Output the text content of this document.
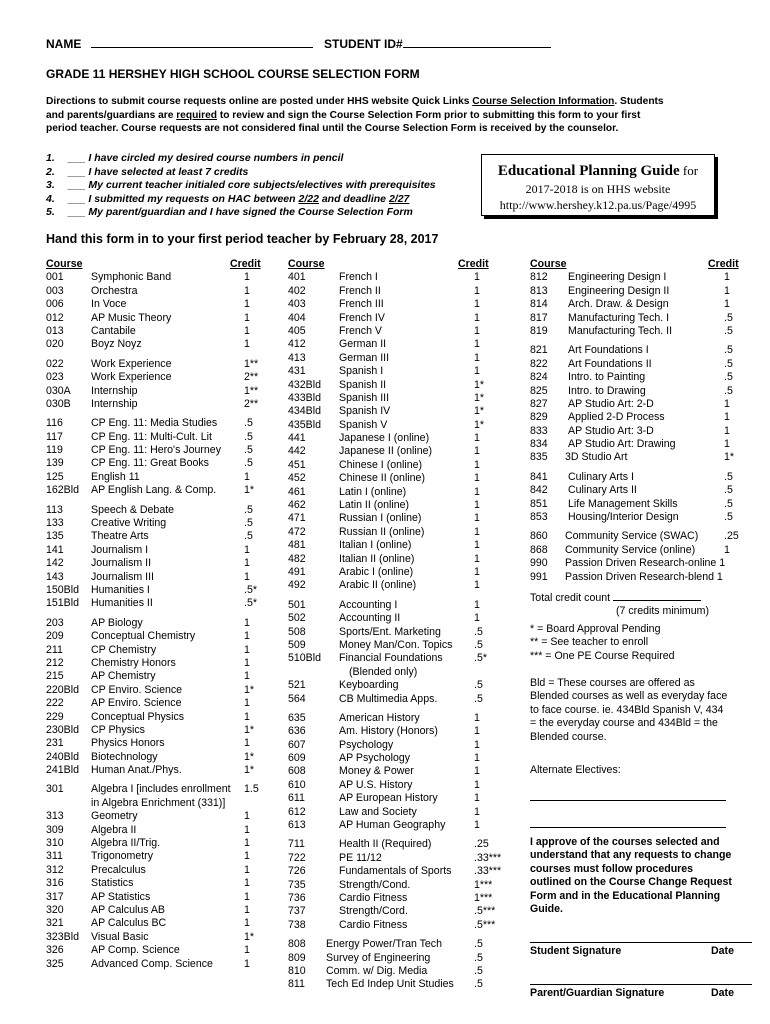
NAME	STUDENT ID#
GRADE 11 HERSHEY HIGH SCHOOL COURSE SELECTION FORM
Directions to submit course requests online are posted under HHS website Quick Links Course Selection Information. Students
and parents/guardians are required to review and sign the Course Selection Form prior to submitting this form to your first
period teacher. Course requests are not considered final until the Course Selection Form is received by the counselor.
1. ___ I have circled my desired course numbers in pencil
2. ___ I have selected at least 7 credits
3. ___ My current teacher initialed core subjects/electives with prerequisites
4. ___ I submitted my requests on HAC between 2/22 and deadline 2/27
5. ___ My parent/guardian and I have signed the Course Selection Form
Educational Planning Guide for
2017-2018 is on HHS website
http://www.hershey.k12.pa.us/Page/4995
Hand this form in to your first period teacher by February 28, 2017
Course	Credit
001	Symphonic Band	1
003	Orchestra	1
006	In Voce	1
012	AP Music Theory	1
013	Cantabile	1
020	Boyz Noyz	1
022	Work Experience	1**
023	Work Experience	2**
030A Internship	1**
030B Internship	2**
116	CP Eng. 11: Media Studies	.5
117	CP Eng. 11: Multi-Cult. Lit	.5
119	CP Eng. 11: Hero's Journey .5
139	CP Eng. 11: Great Books	.5
125	English 11	1
162Bld AP English Lang. & Comp.	1*
113	Speech & Debate	.5
133	Creative Writing	.5
135	Theatre Arts	.5
141	Journalism I	1
142	Journalism II	1
143	Journalism III	1
150Bld Humanities I	.5*
151Bld Humanities II	.5*
203	AP Biology	1
209	Conceptual Chemistry	1
211	CP Chemistry	1
212	Chemistry Honors	1
215	AP Chemistry	1
220Bld CP Enviro. Science	1*
222	AP Enviro. Science	1
229	Conceptual Physics	1
230Bld CP Physics	1*
231	Physics Honors	1
240Bld Biotechnology	1*
241Bld Human Anat./Phys.	1*
301	Algebra I [includes enrollment 1.5
in Algebra Enrichment (331)]
313	Geometry	1
309	Algebra II	1
310	Algebra II/Trig.	1
311	Trigonometry	1
312	Precalculus	1
316	Statistics	1
317	AP Statistics	1
320	AP Calculus AB	1
321	AP Calculus BC	1
323Bld Visual Basic	1*
326	AP Comp. Science	1
325	Advanced Comp. Science	1
Course	Credit
401	French I	1
402	French II	1
403	French III	1
404	French IV	1
405	French V	1
412	German II	1
413	German III	1
431	Spanish I	1
432Bld Spanish II	1*
433Bld Spanish III	1*
434Bld Spanish IV	1*
435Bld Spanish V	1*
441	Japanese I (online)	1
442	Japanese II (online)	1
451	Chinese I (online)	1
452	Chinese II (online)	1
461	Latin I (online)	1
462	Latin II (online)	1
471	Russian I (online)	1
472	Russian II (online)	1
481	Italian I (online)	1
482	Italian II (online)	1
491	Arabic I (online)	1
492	Arabic II (online)	1
501	Accounting I	1
502	Accounting II	1
508	Sports/Ent. Marketing	.5
509	Money Man/Con. Topics .5
510Bld Financial Foundations	.5*
(Blended only)
521	Keyboarding	.5
564	CB Multimedia Apps.	.5
635	American History	1
636	Am. History (Honors)	1
607	Psychology	1
609	AP Psychology	1
608	Money & Power	1
610	AP U.S. History	1
611	AP European History	1
612	Law and Society	1
613	AP Human Geography	1
711	Health II (Required)	.25
722	PE 11/12	.33***
726	Fundamentals of Sports .33***
735	Strength/Cond.	1***
736	Cardio Fitness	1***
737	Strength/Cord.	.5***
738	Cardio Fitness	.5***
808 Energy Power/Tran Tech	.5
809 Survey of Engineering	.5
810 Comm. w/ Dig. Media	.5
811 Tech Ed Indep Unit Studies .5
Course	Credit
812 Engineering Design I	1
813 Engineering Design II	1
814 Arch. Draw. & Design	1
817 Manufacturing Tech. I	.5
819 Manufacturing Tech. II	.5
821 Art Foundations I	.5
822 Art Foundations II	.5
824 Intro. to Painting	.5
825 Intro. to Drawing	.5
827 AP Studio Art: 2-D	1
829 Applied 2-D Process	1
833 AP Studio Art: 3-D	1
834 AP Studio Art: Drawing	1
835 3D Studio Art	1*
841 Culinary Arts I	.5
842 Culinary Arts II	.5
851 Life Management Skills	.5
853 Housing/Interior Design	.5
860 Community Service (SWAC) .25
868 Community Service (online)	1
990 Passion Driven Research-online 1
991 Passion Driven Research-blend 1
Total credit count
(7 credits minimum)
* = Board Approval Pending
** = See teacher to enroll
*** = One PE Course Required
Bld = These courses are offered as
Blended courses as well as everyday face
to face course. ie. 434Bld Spanish V, 434
= the everyday course and 434Bld = the
Blended course.
Alternate Electives:
I approve of the courses selected and
understand that any requests to change
courses must follow procedures
outlined on the Course Change Request
Form and in the Educational Planning
Guide.
Student Signature	Date
Parent/Guardian Signature	Date
